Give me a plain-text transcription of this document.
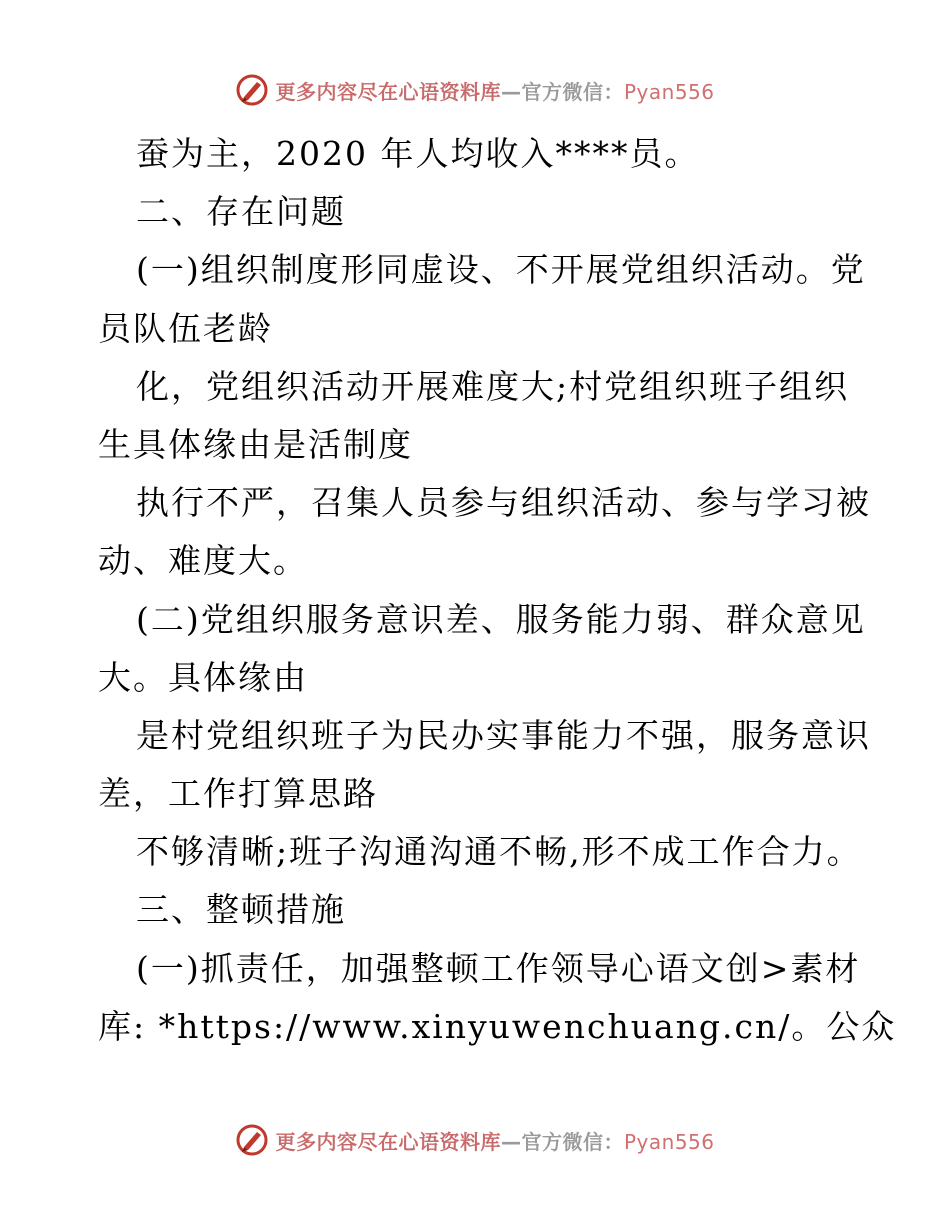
更多内容尽在心语资料库—官方微信：Pyan556
蚕为主，2020 年人均收入****员。
二、存在问题
(一)组织制度形同虚设、不开展党组织活动。党
员队伍老龄
化，党组织活动开展难度大;村党组织班子组织
生具体缘由是活制度
执行不严，召集人员参与组织活动、参与学习被
动、难度大。
(二)党组织服务意识差、服务能力弱、群众意见
大。具体缘由
是村党组织班子为民办实事能力不强，服务意识
差，工作打算思路
不够清晰;班子沟通沟通不畅,形不成工作合力。
三、整顿措施
(一)抓责任，加强整顿工作领导心语文创>素材
库: *https://www.xinyuwenchuang.cn/。公众
更多内容尽在心语资料库—官方微信：Pyan556
